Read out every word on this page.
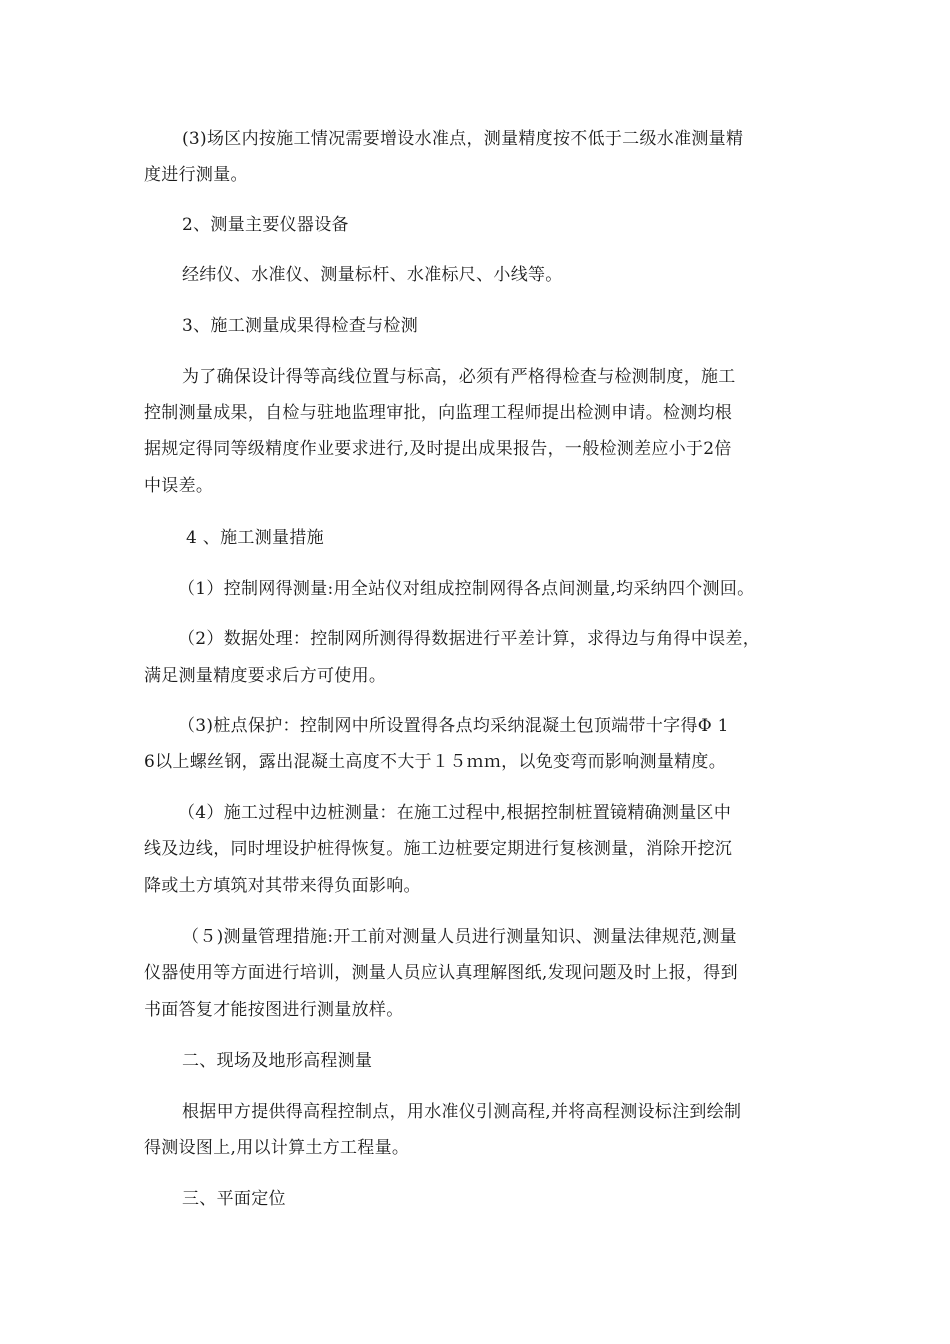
(3)场区内按施工情况需要增设水准点，测量精度按不低于二级水准测量精
度进行测量。
2、测量主要仪器设备
经纬仪、水准仪、测量标杆、水准标尺、小线等。
3、施工测量成果得检查与检测
为了确保设计得等高线位置与标高，必须有严格得检查与检测制度，施工
控制测量成果，自检与驻地监理审批，向监理工程师提出检测申请。检测均根
据规定得同等级精度作业要求进行,及时提出成果报告，一般检测差应小于2倍
中误差。
4 、施工测量措施
（1）控制网得测量:用全站仪对组成控制网得各点间测量,均采纳四个测回。
（2）数据处理：控制网所测得得数据进行平差计算，求得边与角得中误差，
满足测量精度要求后方可使用。
（3)桩点保护：控制网中所设置得各点均采纳混凝土包顶端带十字得Φ 1
6以上螺丝钢，露出混凝土高度不大于１５ｍｍ，以免变弯而影响测量精度。
（4）施工过程中边桩测量：在施工过程中,根据控制桩置镜精确测量区中
线及边线，同时埋设护桩得恢复。施工边桩要定期进行复核测量，消除开挖沉
降或土方填筑对其带来得负面影响。
（５)测量管理措施:开工前对测量人员进行测量知识、测量法律规范,测量
仪器使用等方面进行培训，测量人员应认真理解图纸,发现问题及时上报，得到
书面答复才能按图进行测量放样。
二、现场及地形高程测量
根据甲方提供得高程控制点，用水准仪引测高程,并将高程测设标注到绘制
得测设图上,用以计算土方工程量。
三、平面定位
